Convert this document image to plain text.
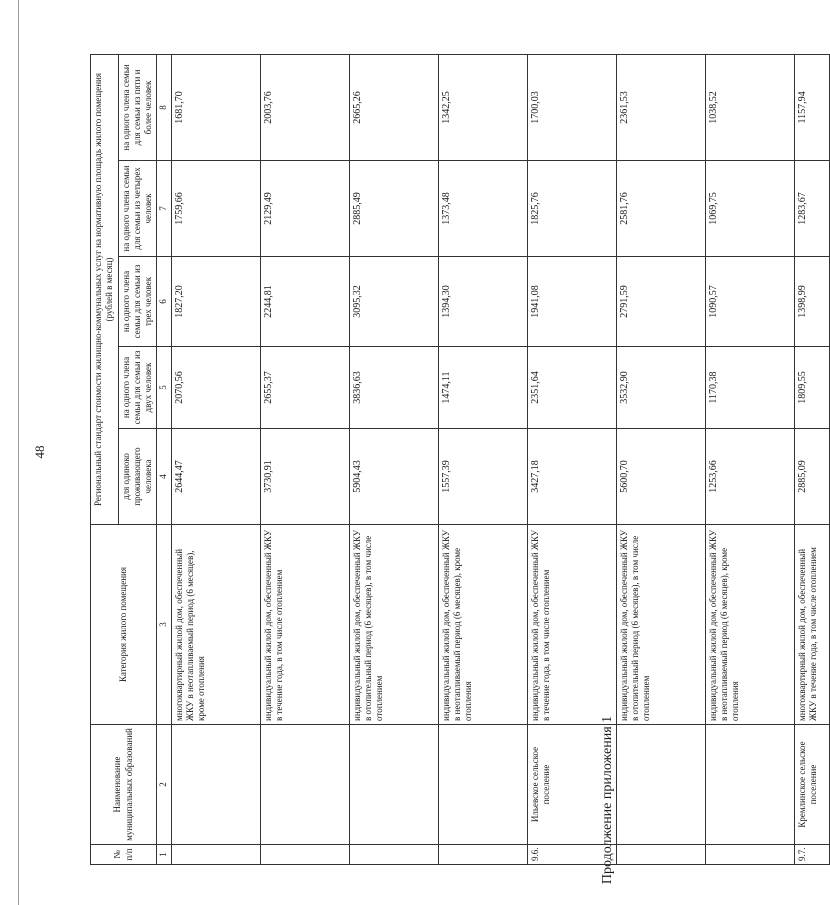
48
Продолжение приложения 1
№ п/п	Наименование муниципальных образований	Категория жилого помещения	Региональный стандарт стоимости жилищно-коммунальных услуг на нормативную площадь жилого помещения (рублей в месяц)				
			для одиноко проживающего человека	на одного члена семьи для семьи из двух человек	на одного члена семьи для семьи из трех человек	на одного члена семьи для семьи из четырех человек	на одного члена семьи для семьи из пяти и более человек
1	2	3	4	5	6	7	8
		многоквартирный жилой дом, обеспеченный ЖКУ в неотапливаемый период (6 месяцев), кроме отопления	2644,47	2070,56	1827,20	1759,66	1681,70
		индивидуальный жилой дом, обеспеченный ЖКУ в течение года, в том числе отоплением	3730,91	2655,37	2244,81	2129,49	2003,76
		индивидуальный жилой дом, обеспеченный ЖКУ в отопительный период (6 месяцев), в том числе отоплением	5904,43	3836,63	3095,32	2885,49	2665,26
		индивидуальный жилой дом, обеспеченный ЖКУ в неотапливаемый период (6 месяцев), кроме отопления	1557,39	1474,11	1394,30	1373,48	1342,25
9.6.	Ильевское сельское поселение	индивидуальный жилой дом, обеспеченный ЖКУ в течение года, в том числе отоплением	3427,18	2351,64	1941,08	1825,76	1700,03
		индивидуальный жилой дом, обеспеченный ЖКУ в отопительный период (6 месяцев), в том числе отоплением	5600,70	3532,90	2791,59	2581,76	2361,53
		индивидуальный жилой дом, обеспеченный ЖКУ в неотапливаемый период (6 месяцев), кроме отопления	1253,66	1170,38	1090,57	1069,75	1038,52
9.7.	Кремлинское сельское поселение	многоквартирный жилой дом, обеспеченный ЖКУ в течение года, в том числе отоплением	2885,09	1809,55	1398,99	1283,67	1157,94
